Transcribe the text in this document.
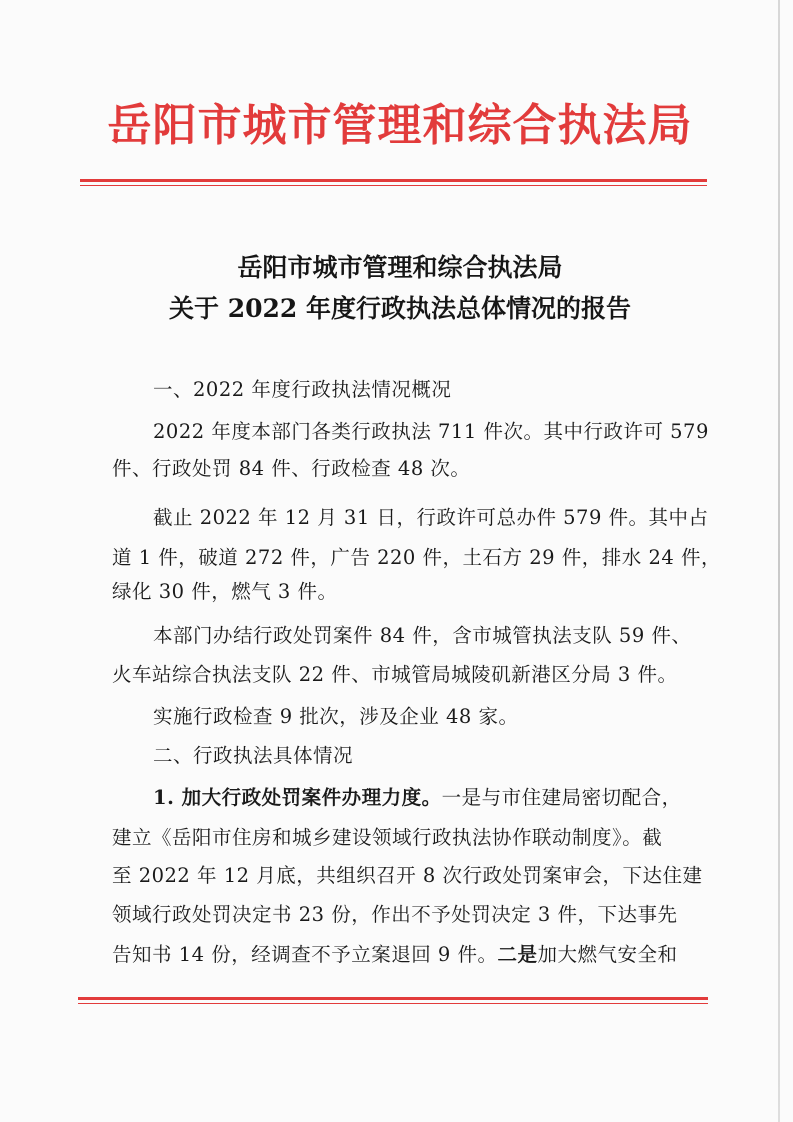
岳阳市城市管理和综合执法局
岳阳市城市管理和综合执法局
关于 2022 年度行政执法总体情况的报告
一、2022 年度行政执法情况概况
2022 年度本部门各类行政执法 711 件次。其中行政许可 579
件、行政处罚 84 件、行政检查 48 次。
截止 2022 年 12 月 31 日，行政许可总办件 579 件。其中占
道 1 件，破道 272 件，广告 220 件，土石方 29 件，排水 24 件，
绿化 30 件，燃气 3 件。
本部门办结行政处罚案件 84 件，含市城管执法支队 59 件、
火车站综合执法支队 22 件、市城管局城陵矶新港区分局 3 件。
实施行政检查 9 批次，涉及企业 48 家。
二、行政执法具体情况
1. 加大行政处罚案件办理力度。一是与市住建局密切配合，
建立《岳阳市住房和城乡建设领域行政执法协作联动制度》。截
至 2022 年 12 月底，共组织召开 8 次行政处罚案审会，下达住建
领域行政处罚决定书 23 份，作出不予处罚决定 3 件，下达事先
告知书 14 份，经调查不予立案退回 9 件。二是加大燃气安全和
